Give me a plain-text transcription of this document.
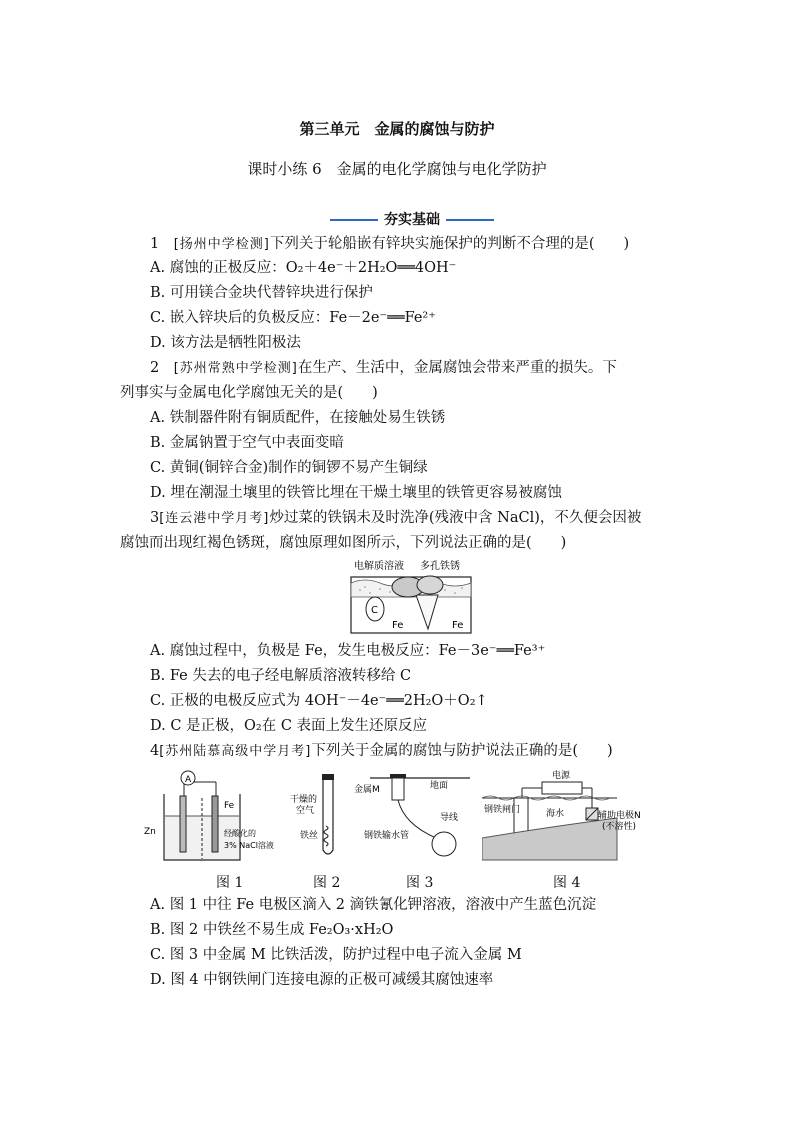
第三单元　金属的腐蚀与防护
课时小练 6　金属的电化学腐蚀与电化学防护
夯实基础
1　 [扬州中学检测]下列关于轮船嵌有锌块实施保护的判断不合理的是(　　)
A. 腐蚀的正极反应：O₂＋4e⁻＋2H₂O══4OH⁻
B. 可用镁合金块代替锌块进行保护
C. 嵌入锌块后的负极反应：Fe－2e⁻══Fe²⁺
D. 该方法是牺牲阳极法
2　 [苏州常熟中学检测]在生产、生活中，金属腐蚀会带来严重的损失。下
列事实与金属电化学腐蚀无关的是(　　)
A. 铁制器件附有铜质配件，在接触处易生铁锈
B. 金属钠置于空气中表面变暗
C. 黄铜(铜锌合金)制作的铜锣不易产生铜绿
D. 埋在潮湿土壤里的铁管比埋在干燥土壤里的铁管更容易被腐蚀
3[连云港中学月考]炒过菜的铁锅未及时洗净(残液中含 NaCl)，不久便会因被
腐蚀而出现红褐色锈斑，腐蚀原理如图所示，下列说法正确的是(　　)
电解质溶液 多孔铁锈
C
Fe	Fe
A. 腐蚀过程中，负极是 Fe，发生电极反应：Fe－3e⁻══Fe³⁺
B. Fe 失去的电子经电解质溶液转移给 C
C. 正极的电极反应式为 4OH⁻－4e⁻══2H₂O＋O₂↑
D. C 是正极，O₂在 C 表面上发生还原反应
4[苏州陆慕高级中学月考]下列关于金属的腐蚀与防护说法正确的是(　　)
A
Fe
Zn	经酸化的
3% NaCl溶液
干燥的
空气
铁丝
地面
金属M
导线
钢铁输水管
电源
钢铁闸门	海水	辅助电极N
(不溶性)
图 1	图 2	图 3	图 4
A. 图 1 中往 Fe 电极区滴入 2 滴铁氰化钾溶液，溶液中产生蓝色沉淀
B. 图 2 中铁丝不易生成 Fe₂O₃·xH₂O
C. 图 3 中金属 M 比铁活泼，防护过程中电子流入金属 M
D. 图 4 中钢铁闸门连接电源的正极可减缓其腐蚀速率
